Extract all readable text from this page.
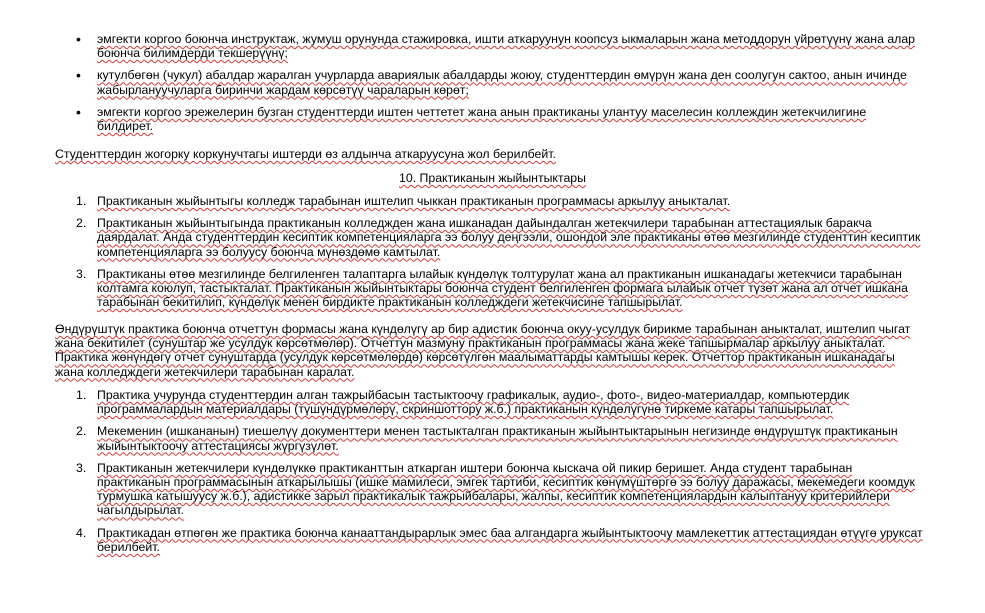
• эмгекти коргоо боюнча инструктаж, жумуш орунунда стажировка, ишти аткаруунун коопсуз ыкмаларын жана методдорун үйрөтүүнү жана алар боюнча билимдерди текшерүүнү;
• кутулбөгөн (чукул) абалдар жаралган учурларда авариялык абалдарды жоюу, студенттердин өмүрүн жана ден соолугун сактоо, анын ичинде жабырлануучуларга биринчи жардам көрсөтүү чараларын көрөт;
• эмгекти коргоо эрежелерин бузган студенттерди иштен четтетет жана анын практиканы улантуу маселесин коллеждин жетекчилигине билдирет.

Студенттердин жогорку коркунучтагы иштерди өз алдынча аткаруусуна жол берилбейт.

10. Практиканын жыйынтыктары

1. Практиканын жыйынтыгы колледж тарабынан иштелип чыккан практиканын программасы аркылуу аныкталат.
2. Практиканын жыйынтыгында практиканын колледжден жана ишканадан дайындалган жетекчилери тарабынан аттестациялык баракча даярдалат. Анда студенттердин кесиптик компетенцияларга ээ болуу деңгээли, ошондой эле практиканы өтөө мезгилинде студенттин кесиптик компетенцияларга ээ болуусу боюнча мүнөздөмө камтылат.
3. Практиканы өтөө мезгилинде белгиленген талаптарга ылайык күндөлүк толтурулат жана ал практиканын ишканадагы жетекчиси тарабынан колтамга коюлуп, тастыкталат. Практиканын жыйынтыктары боюнча студент белгиленген формага ылайык отчет түзөт жана ал отчет ишкана тарабынан бекитилип, күндөлүк менен бирдикте практиканын колледждеги жетекчисине тапшырылат.

Өндүрүштүк практика боюнча отчеттун формасы жана күндөлүгү ар бир адистик боюнча окуу-усулдук бирикме тарабынан аныкталат, иштелип чыгат жана бекитилет (сунуштар же усулдук көрсөтмөлөр). Отчеттун мазмуну практиканын программасы жана жеке тапшырмалар аркылуу аныкталат. Практика жөнүндөгү отчет сунуштарда (усулдук көрсөтмөлөрдө) көрсөтүлгөн маалыматтарды камтышы керек. Отчеттор практиканын ишканадагы жана колледждеги жетекчилери тарабынан каралат.

1. Практика учурунда студенттердин алган тажрыйбасын тастыктоочу графикалык, аудио-, фото-, видео-материалдар, компьютердик программалардын материалдары (түшүндүрмөлөрү, скриншоттору ж.б.) практиканын күндөлүгүнө тиркеме катары тапшырылат.
2. Мекеменин (ишкананын) тиешелүү документтери менен тастыкталган практиканын жыйынтыктарынын негизинде өндүрүштүк практиканын жыйынтыктоочу аттестациясы жүргүзүлөт.
3. Практиканын жетекчилери күндөлүккө практиканттын аткарган иштери боюнча кыскача ой пикир беришет. Анда студент тарабынан практиканын программасынын аткарылышы (ишке мамилеси, эмгек тартиби, кесиптик көнүмүштөргө ээ болуу даражасы, мекемедеги коомдук турмушка катышуусу ж.б.), адистикке зарыл практикалык тажрыйбалары, жалпы, кесиптик компетенциялардын калыптануу критерийлери чагылдырылат.
4. Практикадан өтпөгөн же практика боюнча канааттандырарлык эмес баа алгандарга жыйынтыктоочу мамлекеттик аттестациядан өтүүгө уруксат берилбейт.
